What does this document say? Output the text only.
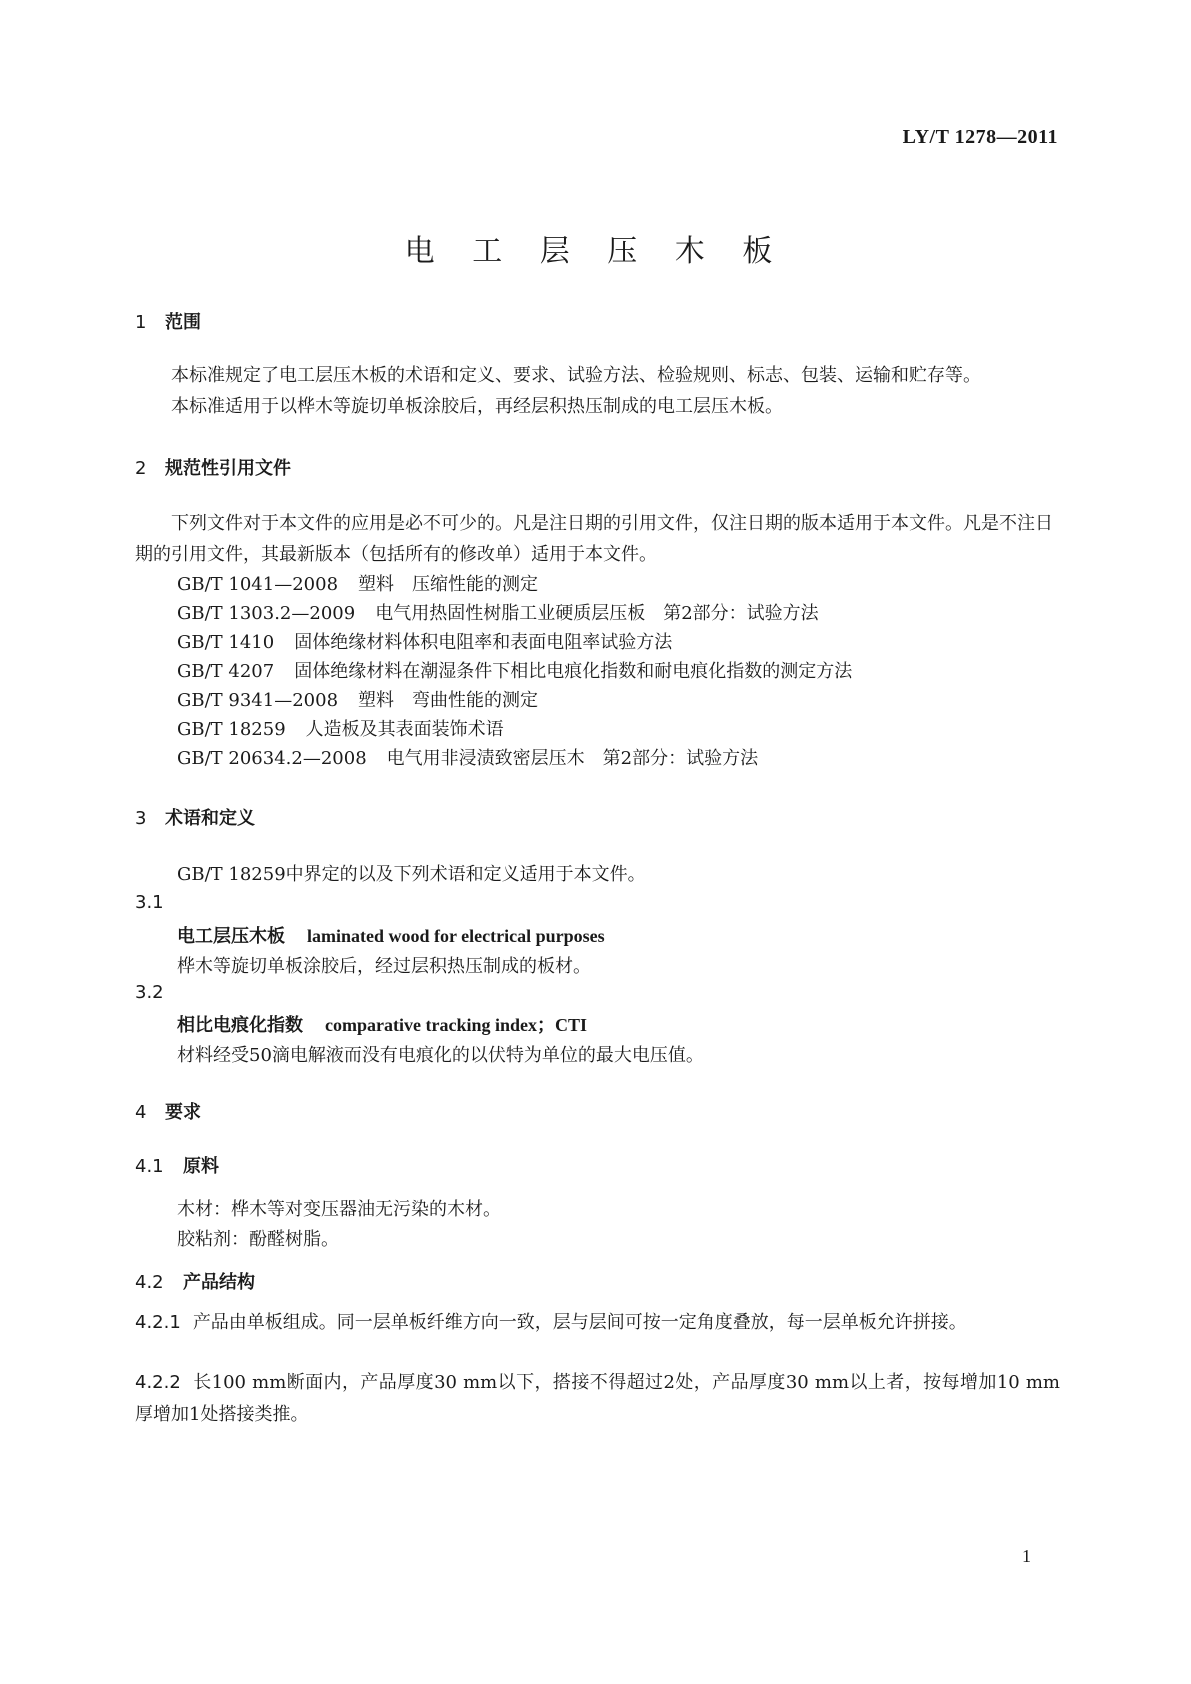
LY/T 1278—2011
电 工 层 压 木 板
1 范围
本标准规定了电工层压木板的术语和定义、要求、试验方法、检验规则、标志、包装、运输和贮存等。
本标准适用于以桦木等旋切单板涂胶后，再经层积热压制成的电工层压木板。
2 规范性引用文件
下列文件对于本文件的应用是必不可少的。凡是注日期的引用文件，仅注日期的版本适用于本文件。凡是不注日期的引用文件，其最新版本（包括所有的修改单）适用于本文件。
GB/T 1041—2008 塑料　压缩性能的测定
GB/T 1303.2—2009 电气用热固性树脂工业硬质层压板　第2部分：试验方法
GB/T 1410 固体绝缘材料体积电阻率和表面电阻率试验方法
GB/T 4207 固体绝缘材料在潮湿条件下相比电痕化指数和耐电痕化指数的测定方法
GB/T 9341—2008 塑料　弯曲性能的测定
GB/T 18259 人造板及其表面装饰术语
GB/T 20634.2—2008 电气用非浸渍致密层压木　第2部分：试验方法
3 术语和定义
GB/T 18259中界定的以及下列术语和定义适用于本文件。
3.1
电工层压木板 laminated wood for electrical purposes
桦木等旋切单板涂胶后，经过层积热压制成的板材。
3.2
相比电痕化指数 comparative tracking index；CTI
材料经受50滴电解液而没有电痕化的以伏特为单位的最大电压值。
4 要求
4.1 原料
木材：桦木等对变压器油无污染的木材。
胶粘剂：酚醛树脂。
4.2 产品结构
4.2.1 产品由单板组成。同一层单板纤维方向一致，层与层间可按一定角度叠放，每一层单板允许拼接。
4.2.2 长100 mm断面内，产品厚度30 mm以下，搭接不得超过2处，产品厚度30 mm以上者，按每增加10 mm厚增加1处搭接类推。
1
